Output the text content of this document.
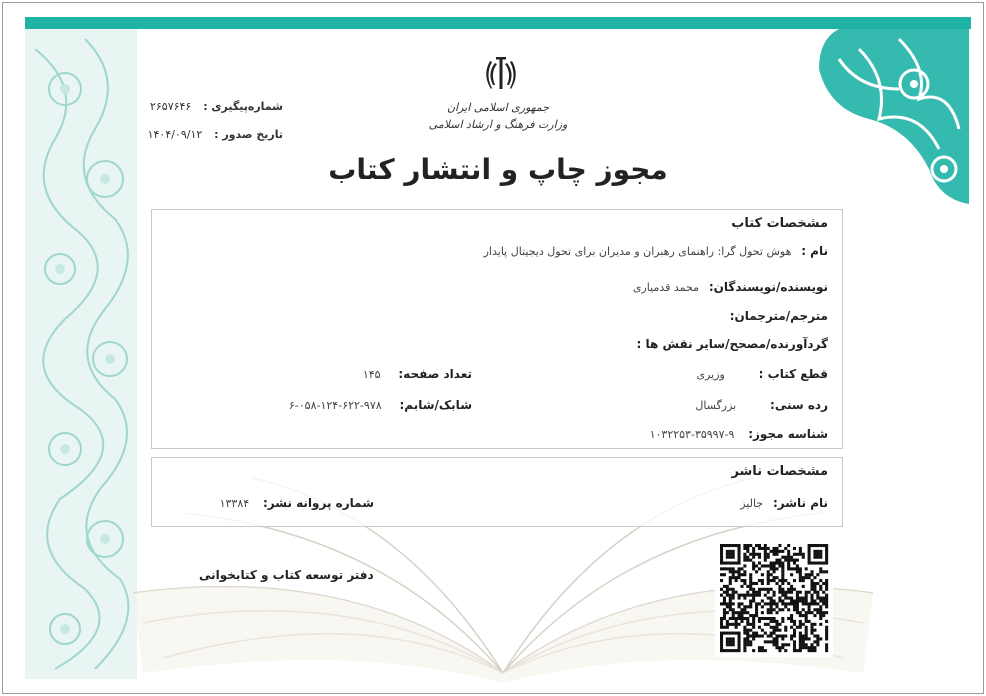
جمهوری اسلامی ایران
وزارت فرهنگ و ارشاد اسلامی
شماره‌پیگیری : ۲۶۵۷۶۴۶
تاریخ صدور : ۱۴۰۴/۰۹/۱۲
مجوز چاپ و انتشار کتاب
مشخصات کتاب
نام : هوش تحول گرا: راهنمای رهبران و مدیران برای تحول دیجیتال پایدار
نویسنده/نویسندگان: محمد قدمیاری
مترجم/مترجمان:
گردآورنده/مصحح/سایر نقش ها :
قطع کتاب : وزیری
تعداد صفحه: ۱۴۵
رده سنی: بزرگسال
شابک/شابم: ۹۷۸-۶۲۲-۱۲۴-۰۵۸-۶
شناسه مجوز: ۹-۳۵۹۹۷-۱۰۳۲۲۵۳
مشخصات ناشر
نام ناشر: جالیز
شماره پروانه نشر: ۱۳۳۸۴
دفتر توسعه کتاب و کتابخوانی
